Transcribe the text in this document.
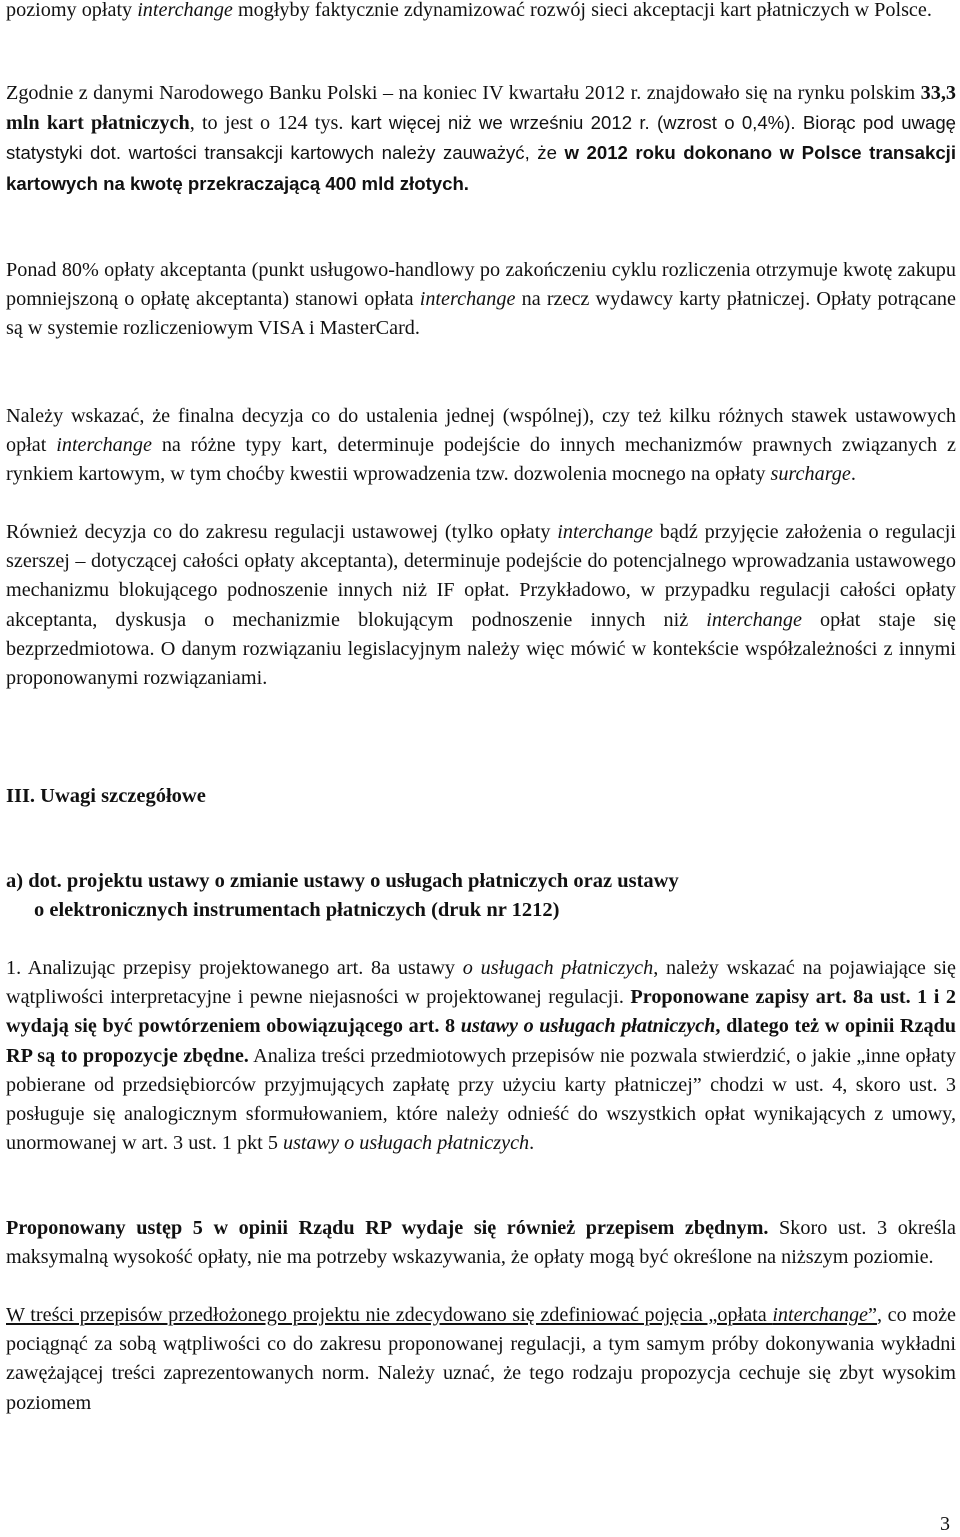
poziomy opłaty interchange mogłyby faktycznie zdynamizować rozwój sieci akceptacji kart płatniczych w Polsce.

Zgodnie z danymi Narodowego Banku Polski – na koniec IV kwartału 2012 r. znajdowało się na rynku polskim 33,3 mln kart płatniczych, to jest o 124 tys. kart więcej niż we wrześniu 2012 r. (wzrost o 0,4%). Biorąc pod uwagę statystyki dot. wartości transakcji kartowych należy zauważyć, że w 2012 roku dokonano w Polsce transakcji kartowych na kwotę przekraczającą 400 mld złotych.

Ponad 80% opłaty akceptanta (punkt usługowo-handlowy po zakończeniu cyklu rozliczenia otrzymuje kwotę zakupu pomniejszoną o opłatę akceptanta) stanowi opłata interchange na rzecz wydawcy karty płatniczej. Opłaty potrącane są w systemie rozliczeniowym VISA i MasterCard.

Należy wskazać, że finalna decyzja co do ustalenia jednej (wspólnej), czy też kilku różnych stawek ustawowych opłat interchange na różne typy kart, determinuje podejście do innych mechanizmów prawnych związanych z rynkiem kartowym, w tym choćby kwestii wprowadzenia tzw. dozwolenia mocnego na opłaty surcharge.

Również decyzja co do zakresu regulacji ustawowej (tylko opłaty interchange bądź przyjęcie założenia o regulacji szerszej – dotyczącej całości opłaty akceptanta), determinuje podejście do potencjalnego wprowadzania ustawowego mechanizmu blokującego podnoszenie innych niż IF opłat. Przykładowo, w przypadku regulacji całości opłaty akceptanta, dyskusja o mechanizmie blokującym podnoszenie innych niż interchange opłat staje się bezprzedmiotowa. O danym rozwiązaniu legislacyjnym należy więc mówić w kontekście współzależności z innymi proponowanymi rozwiązaniami.

III. Uwagi szczegółowe
a) dot. projektu ustawy o zmianie ustawy o usługach płatniczych oraz ustawy
o elektronicznych instrumentach płatniczych (druk nr 1212)

1. Analizując przepisy projektowanego art. 8a ustawy o usługach płatniczych, należy wskazać na pojawiające się wątpliwości interpretacyjne i pewne niejasności w projektowanej regulacji. Proponowane zapisy art. 8a ust. 1 i 2 wydają się być powtórzeniem obowiązującego art. 8 ustawy o usługach płatniczych, dlatego też w opinii Rządu RP są to propozycje zbędne. Analiza treści przedmiotowych przepisów nie pozwala stwierdzić, o jakie „inne opłaty pobierane od przedsiębiorców przyjmujących zapłatę przy użyciu karty płatniczej” chodzi w ust. 4, skoro ust. 3 posługuje się analogicznym sformułowaniem, które należy odnieść do wszystkich opłat wynikających z umowy, unormowanej w art. 3 ust. 1 pkt 5 ustawy o usługach płatniczych.

Proponowany ustęp 5 w opinii Rządu RP wydaje się również przepisem zbędnym. Skoro ust. 3 określa maksymalną wysokość opłaty, nie ma potrzeby wskazywania, że opłaty mogą być określone na niższym poziomie.

W treści przepisów przedłożonego projektu nie zdecydowano się zdefiniować pojęcia „opłata interchange”, co może pociągnąć za sobą wątpliwości co do zakresu proponowanej regulacji, a tym samym próby dokonywania wykładni zawężającej treści zaprezentowanych norm. Należy uznać, że tego rodzaju propozycja cechuje się zbyt wysokim poziomem

3
